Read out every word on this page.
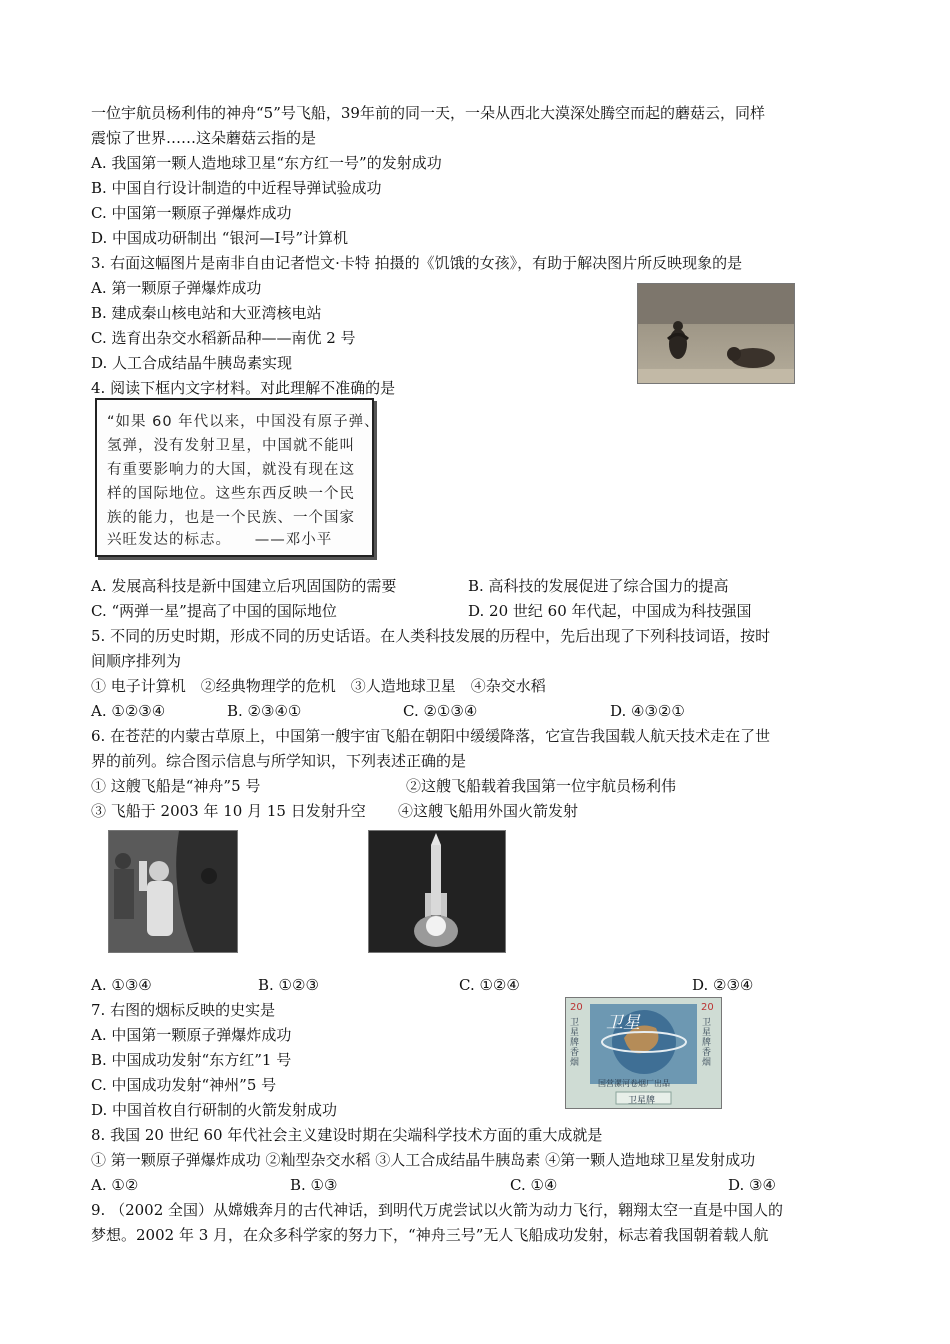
一位宇航员杨利伟的神舟“5”号飞船，39年前的同一天，一朵从西北大漠深处腾空而起的蘑菇云，同样
震惊了世界……这朵蘑菇云指的是
A. 我国第一颗人造地球卫星“东方红一号”的发射成功
B. 中国自行设计制造的中近程导弹试验成功
C. 中国第一颗原子弹爆炸成功
D. 中国成功研制出 “银河—Ⅰ号”计算机
3. 右面这幅图片是南非自由记者恺文·卡特 拍摄的《饥饿的女孩》，有助于解决图片所反映现象的是
A. 第一颗原子弹爆炸成功
B. 建成秦山核电站和大亚湾核电站
C. 选育出杂交水稻新品种——南优 2 号
D. 人工合成结晶牛胰岛素实现
4. 阅读下框内文字材料。对此理解不准确的是
“如果 60 年代以来，中国没有原子弹、
氢弹，没有发射卫星，中国就不能叫
有重要影响力的大国，就没有现在这
样的国际地位。这些东西反映一个民
族的能力，也是一个民族、一个国家
兴旺发达的标志。　　——邓小平
A. 发展高科技是新中国建立后巩固国防的需要	B. 高科技的发展促进了综合国力的提高
C. “两弹一星”提高了中国的国际地位	D. 20 世纪 60 年代起，中国成为科技强国
5. 不同的历史时期，形成不同的历史话语。在人类科技发展的历程中，先后出现了下列科技词语，按时
间顺序排列为
① 电子计算机　②经典物理学的危机　③人造地球卫星　④杂交水稻
A. ①②③④	B. ②③④①	C. ②①③④	D. ④③②①
6. 在苍茫的内蒙古草原上，中国第一艘宇宙飞船在朝阳中缓缓降落，它宣告我国载人航天技术走在了世
界的前列。综合图示信息与所学知识，下列表述正确的是
① 这艘飞船是“神舟”5 号	②这艘飞船载着我国第一位宇航员杨利伟
③ 飞船于 2003 年 10 月 15 日发射升空 ④这艘飞船用外国火箭发射
A. ①③④	B. ①②③	C. ①②④	D. ②③④
7. 右图的烟标反映的史实是
A. 中国第一颗原子弹爆炸成功
B. 中国成功发射“东方红”1 号
C. 中国成功发射“神州”5 号
D. 中国首枚自行研制的火箭发射成功
卫星
20	20
卫星牌香烟
卫星牌香烟
国营漯河卷烟厂出品
卫星牌
8. 我国 20 世纪 60 年代社会主义建设时期在尖端科学技术方面的重大成就是
① 第一颗原子弹爆炸成功 ②籼型杂交水稻 ③人工合成结晶牛胰岛素 ④第一颗人造地球卫星发射成功
A. ①②	B. ①③	C. ①④	D. ③④
9. （2002 全国）从嫦娥奔月的古代神话，到明代万虎尝试以火箭为动力飞行，翱翔太空一直是中国人的
梦想。2002 年 3 月，在众多科学家的努力下，“神舟三号”无人飞船成功发射，标志着我国朝着载人航
